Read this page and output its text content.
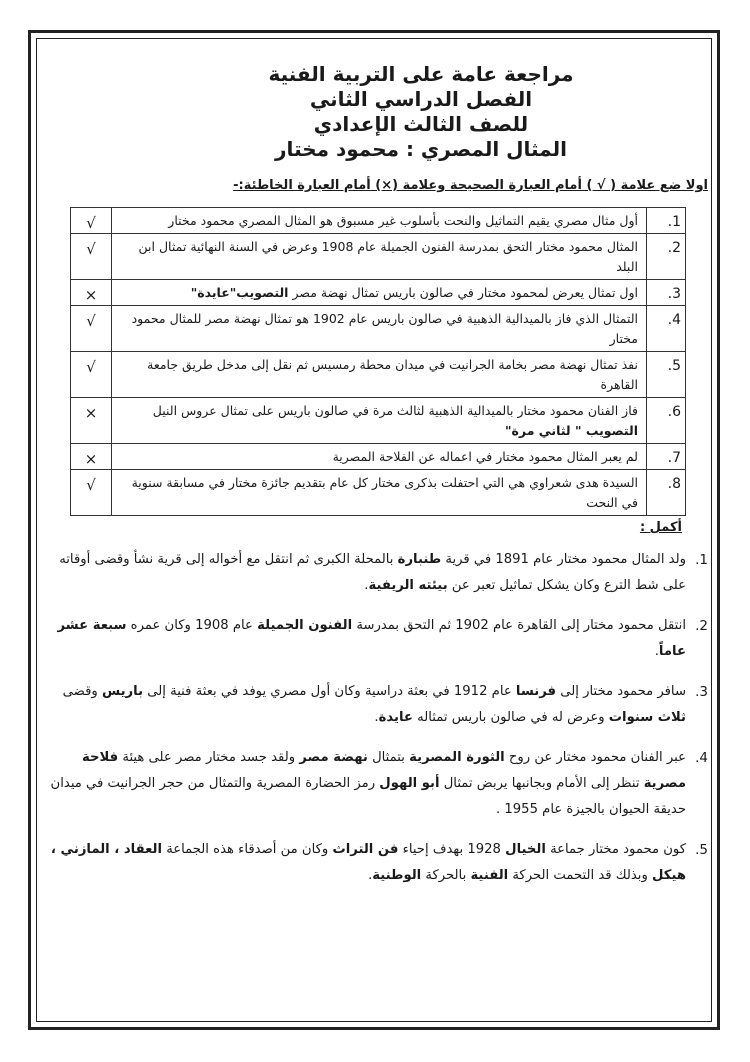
مراجعة عامة على التربية الفنية
الفصل الدراسي الثاني
للصف الثالث الإعدادي
المثال المصري : محمود مختار
اولا ضع علامة ( √ ) أمام العبارة الصحيحة وعلامة (×) أمام العبارة الخاطئة:-
1.	أول مثال مصري يقيم التماثيل والنحت بأسلوب غير مسبوق هو المثال المصري محمود مختار	√
2.	المثال محمود مختار التحق بمدرسة الفنون الجميلة عام 1908 وعرض في السنة النهائية تمثال ابن البلد	√
3.	اول تمثال يعرض لمحمود مختار في صالون باريس تمثال نهضة مصر التصويب"عايدة"	×
4.	التمثال الذي فاز بالميدالية الذهبية في صالون باريس عام 1902 هو تمثال نهضة مصر للمثال محمود مختار	√
5.	نفذ تمثال نهضة مصر بخامة الجرانيت في ميدان محطة رمسيس ثم نقل إلى مدخل طريق جامعة القاهرة	√
6.	فاز الفنان محمود مختار بالميدالية الذهبية لثالث مرة في صالون باريس على تمثال عروس النيل التصويب " لثاني مرة"	×
7.	لم يعبر المثال محمود مختار في اعماله عن الفلاحة المصرية	×
8.	السيدة هدى شعراوي هي التي احتفلت بذكرى مختار كل عام بتقديم جائزة مختار في مسابقة سنوية في النحت	√
أكمل :
1.
ولد المثال محمود مختار عام 1891 في قرية طنبارة بالمحلة الكبرى ثم انتقل مع أخواله إلى قرية نشأ وقضى أوقاته على شط الترع وكان يشكل تماثيل تعبر عن بيئته الريفية.
2.
انتقل محمود مختار إلى القاهرة عام 1902 ثم التحق بمدرسة الفنون الجميلة عام 1908 وكان عمره سبعة عشر عاماً.
3.
سافر محمود مختار إلى فرنسا عام 1912 في بعثة دراسية وكان أول مصري يوفد في بعثة فنية إلى باريس وقضى ثلاث سنوات وعرض له في صالون باريس تمثاله عايدة.
4.
عبر الفنان محمود مختار عن روح الثورة المصرية بتمثال نهضة مصر ولقد جسد مختار مصر على هيئة فلاحة مصرية تنظر إلى الأمام وبجانبها يربض تمثال أبو الهول رمز الحضارة المصرية والتمثال من حجر الجرانيت في ميدان حديقة الحيوان بالجيزة عام 1955 .
5.
كون محمود مختار جماعة الخيال 1928 بهدف إحياء فن التراث وكان من أصدقاء هذه الجماعة العقاد ، المازني ، هيكل وبذلك قد التحمت الحركة الفنية بالحركة الوطنية.
